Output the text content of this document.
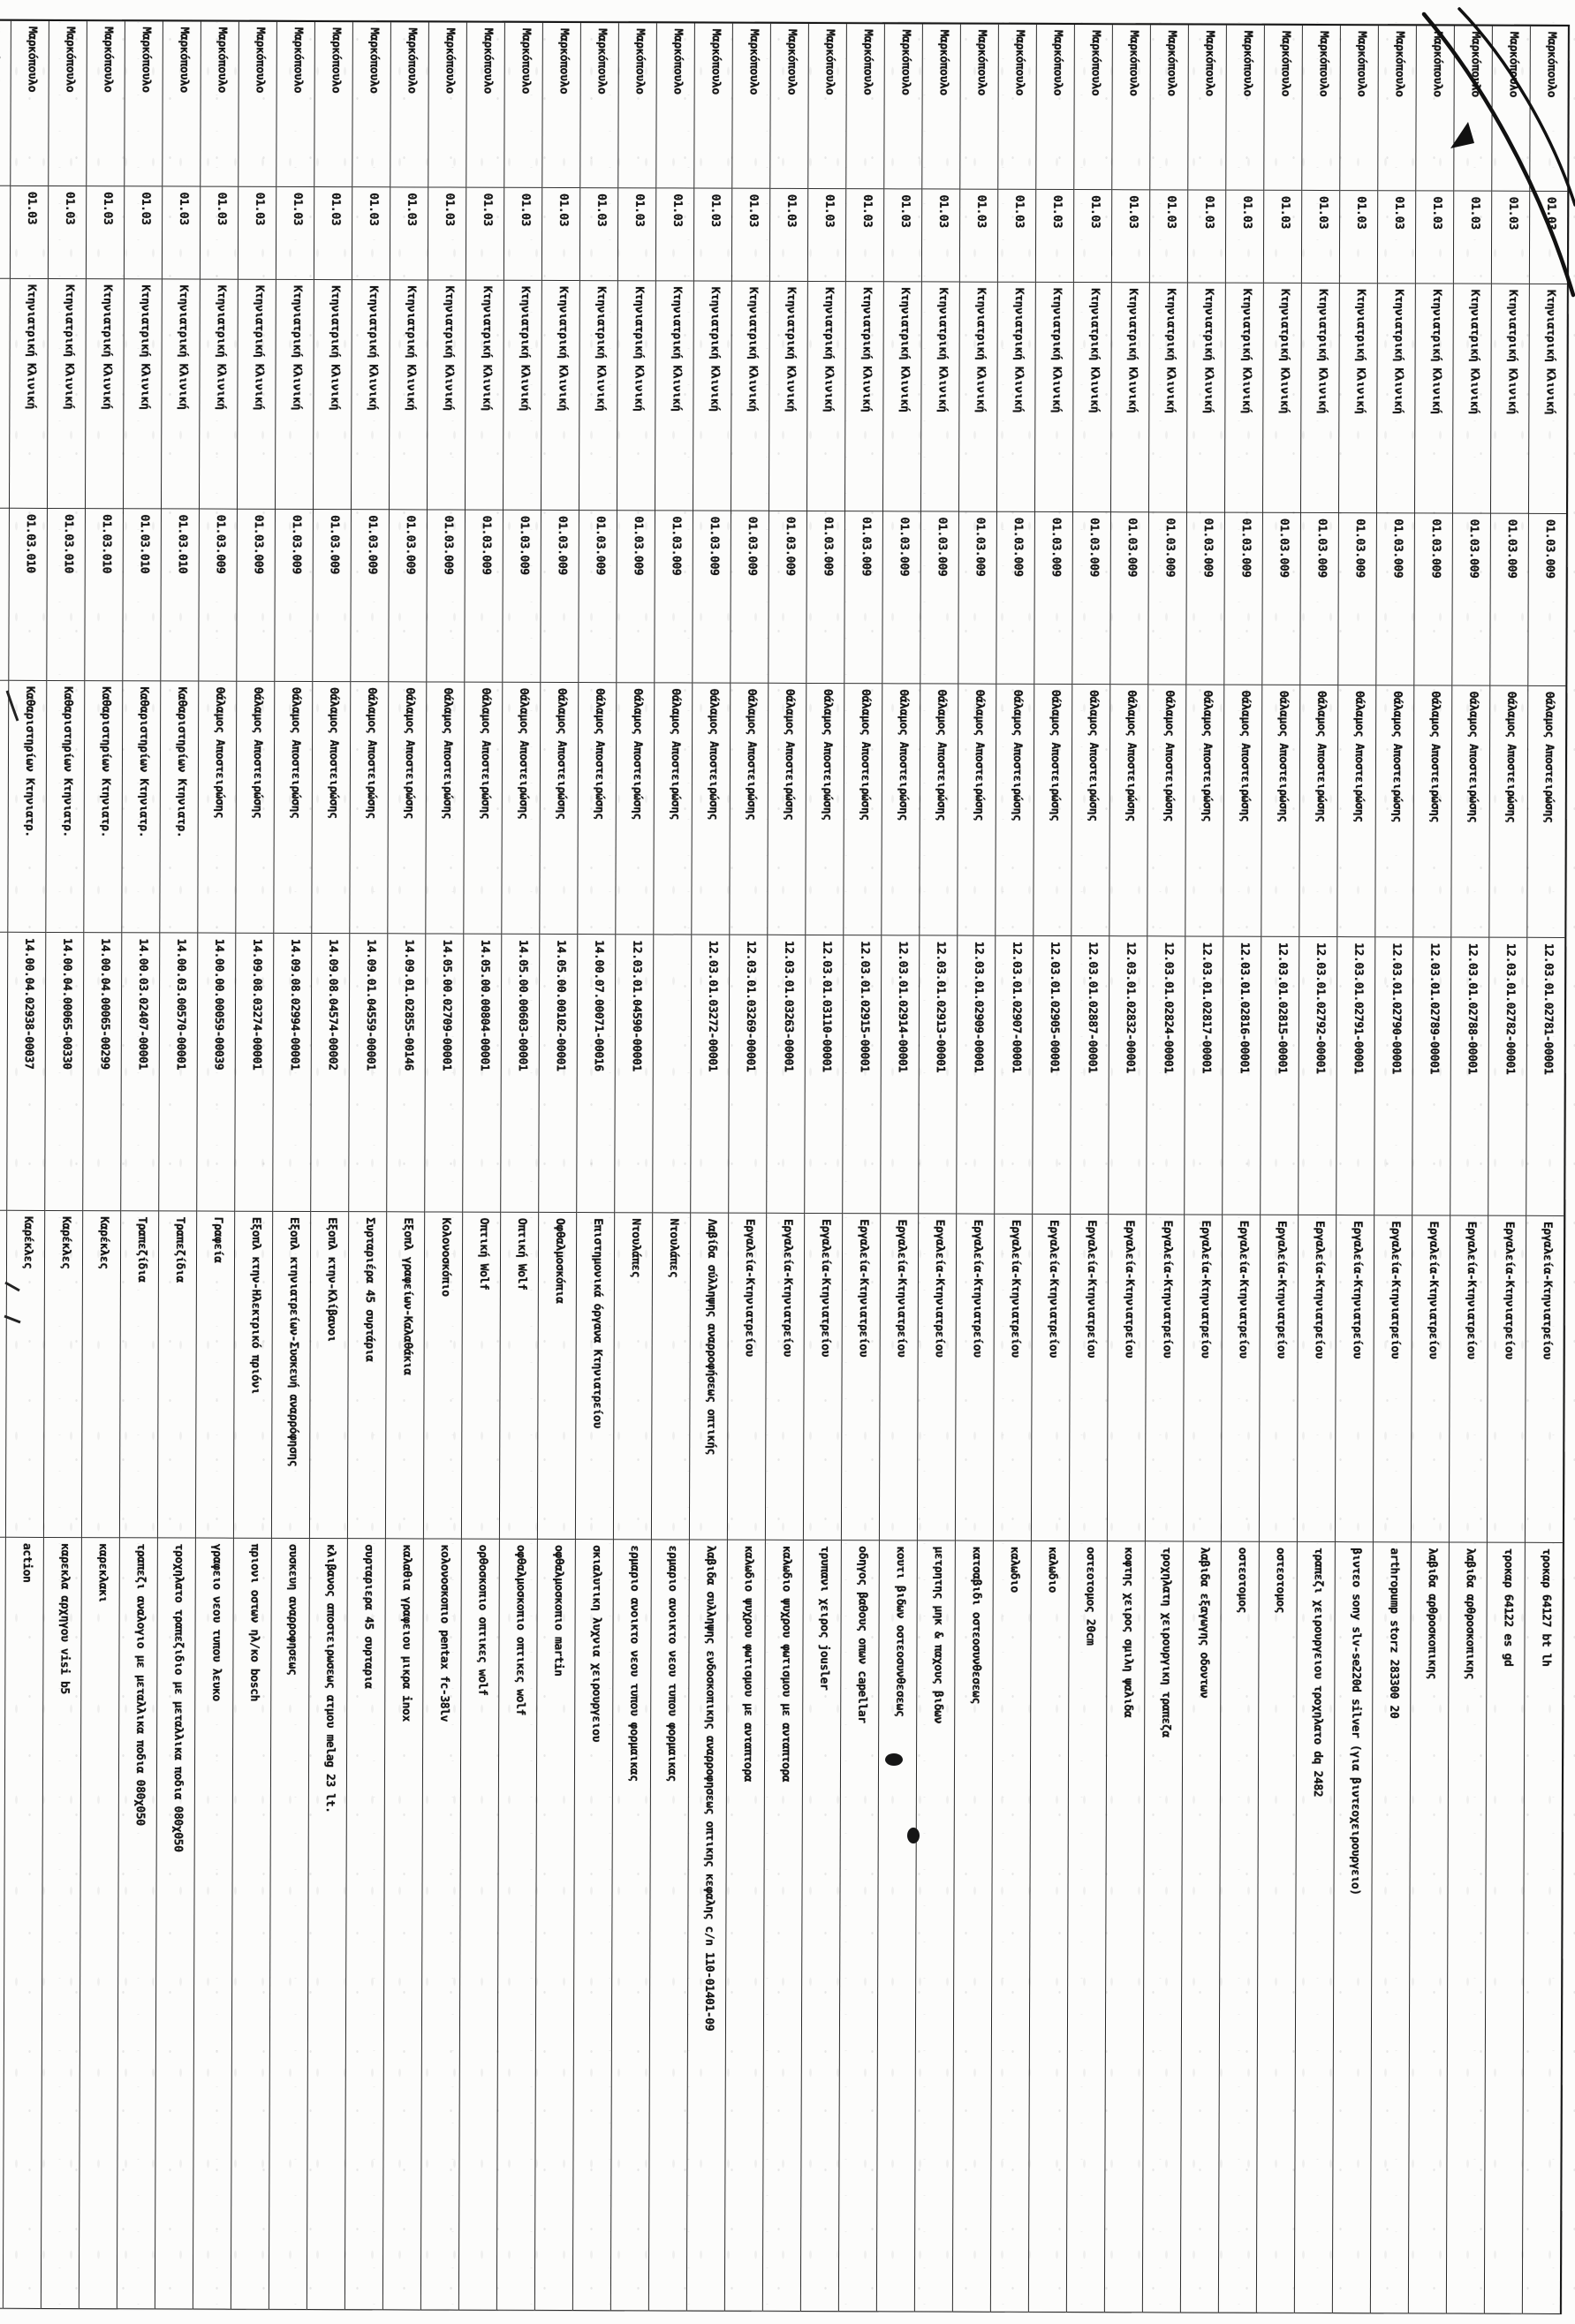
Μαρκόπουλο
01.03
Κτηνιατρική Κλινική
01.03.009
Θάλαμος Αποστειρώσης
12.03.01.02781-00001
Εργαλεία-Κτηνιατρείου
τροκαρ 64127 bt lh
Μαρκόπουλο
01.03
Κτηνιατρική Κλινική
01.03.009
Θάλαμος Αποστειρώσης
12.03.01.02782-00001
Εργαλεία-Κτηνιατρείου
τροκαρ 64122 es gd
Μαρκόπουλο
01.03
Κτηνιατρική Κλινική
01.03.009
Θάλαμος Αποστειρώσης
12.03.01.02788-00001
Εργαλεία-Κτηνιατρείου
λαβιδα αρθροσκοπικης
Μαρκόπουλο
01.03
Κτηνιατρική Κλινική
01.03.009
Θάλαμος Αποστειρώσης
12.03.01.02789-00001
Εργαλεία-Κτηνιατρείου
λαβιδα αρθροσκοπικης
Μαρκόπουλο
01.03
Κτηνιατρική Κλινική
01.03.009
Θάλαμος Αποστειρώσης
12.03.01.02790-00001
Εργαλεία-Κτηνιατρείου
arthropump storz 283300 20
Μαρκόπουλο
01.03
Κτηνιατρική Κλινική
01.03.009
Θάλαμος Αποστειρώσης
12.03.01.02791-00001
Εργαλεία-Κτηνιατρείου
βιντεο sony slv-se220d silver (για βιντεοχειρουργειο)
Μαρκόπουλο
01.03
Κτηνιατρική Κλινική
01.03.009
Θάλαμος Αποστειρώσης
12.03.01.02792-00001
Εργαλεία-Κτηνιατρείου
τραπεζι χειρουργειου τροχηλατο dq 2482
Μαρκόπουλο
01.03
Κτηνιατρική Κλινική
01.03.009
Θάλαμος Αποστειρώσης
12.03.01.02815-00001
Εργαλεία-Κτηνιατρείου
οστεοτομος
Μαρκόπουλο
01.03
Κτηνιατρική Κλινική
01.03.009
Θάλαμος Αποστειρώσης
12.03.01.02816-00001
Εργαλεία-Κτηνιατρείου
οστεοτομος
Μαρκόπουλο
01.03
Κτηνιατρική Κλινική
01.03.009
Θάλαμος Αποστειρώσης
12.03.01.02817-00001
Εργαλεία-Κτηνιατρείου
λαβιδα εξαγωγης οδοντων
Μαρκόπουλο
01.03
Κτηνιατρική Κλινική
01.03.009
Θάλαμος Αποστειρώσης
12.03.01.02824-00001
Εργαλεία-Κτηνιατρείου
τροχηλατη χειρουργικη τραπεζα
Μαρκόπουλο
01.03
Κτηνιατρική Κλινική
01.03.009
Θάλαμος Αποστειρώσης
12.03.01.02832-00001
Εργαλεία-Κτηνιατρείου
κοφτης χειρος σμιλη ψαλιδα
Μαρκόπουλο
01.03
Κτηνιατρική Κλινική
01.03.009
Θάλαμος Αποστειρώσης
12.03.01.02887-00001
Εργαλεία-Κτηνιατρείου
οστεοτομος 20cm
Μαρκόπουλο
01.03
Κτηνιατρική Κλινική
01.03.009
Θάλαμος Αποστειρώσης
12.03.01.02905-00001
Εργαλεία-Κτηνιατρείου
καλωδιο
Μαρκόπουλο
01.03
Κτηνιατρική Κλινική
01.03.009
Θάλαμος Αποστειρώσης
12.03.01.02907-00001
Εργαλεία-Κτηνιατρείου
καλωδιο
Μαρκόπουλο
01.03
Κτηνιατρική Κλινική
01.03.009
Θάλαμος Αποστειρώσης
12.03.01.02909-00001
Εργαλεία-Κτηνιατρείου
κατσαβιδι οστεοσυνθεσεως
Μαρκόπουλο
01.03
Κτηνιατρική Κλινική
01.03.009
Θάλαμος Αποστειρώσης
12.03.01.02913-00001
Εργαλεία-Κτηνιατρείου
μετρητης μηκ & παχους βιδων
Μαρκόπουλο
01.03
Κτηνιατρική Κλινική
01.03.009
Θάλαμος Αποστειρώσης
12.03.01.02914-00001
Εργαλεία-Κτηνιατρείου
κουτι βιδων οστεοσυνθεσεως
Μαρκόπουλο
01.03
Κτηνιατρική Κλινική
01.03.009
Θάλαμος Αποστειρώσης
12.03.01.02915-00001
Εργαλεία-Κτηνιατρείου
οδηγος βαθους οπων capellar
Μαρκόπουλο
01.03
Κτηνιατρική Κλινική
01.03.009
Θάλαμος Αποστειρώσης
12.03.01.03110-00001
Εργαλεία-Κτηνιατρείου
τρυπανι χειρος jousler
Μαρκόπουλο
01.03
Κτηνιατρική Κλινική
01.03.009
Θάλαμος Αποστειρώσης
12.03.01.03263-00001
Εργαλεία-Κτηνιατρείου
καλωδιο ψυχρου φωτισμου με ανταπτορα
Μαρκόπουλο
01.03
Κτηνιατρική Κλινική
01.03.009
Θάλαμος Αποστειρώσης
12.03.01.03269-00001
Εργαλεία-Κτηνιατρείου
καλωδιο ψυχρου φωτισμου με ανταπτορα
Μαρκόπουλο
01.03
Κτηνιατρική Κλινική
01.03.009
Θάλαμος Αποστειρώσης
12.03.01.03272-00001
Λαβίδα σύλληψης αναρροφήσεως οπτικής
λαβιδα συλληψης ενδοσκοπικης αναρροφησεως οπτικης κεφαλης c/n 110-01401-09
Μαρκόπουλο
01.03
Κτηνιατρική Κλινική
01.03.009
Θάλαμος Αποστειρώσης
Ντουλάπες
ερμαριο ανοικτο νεου τυπου φορμαικας
Μαρκόπουλο
01.03
Κτηνιατρική Κλινική
01.03.009
Θάλαμος Αποστειρώσης
12.03.01.04590-00001
Ντουλάπες
ερμαριο ανοικτο νεου τυπου φορμαικας
Μαρκόπουλο
01.03
Κτηνιατρική Κλινική
01.03.009
Θάλαμος Αποστειρώσης
14.00.07.00071-00016
Επιστημονικά όργανα Κτηνιατρείου
σκιαλυτικη λυχνια χειρουργειου
Μαρκόπουλο
01.03
Κτηνιατρική Κλινική
01.03.009
Θάλαμος Αποστειρώσης
14.05.00.00102-00001
Οφθαλμοσκόπια
οφθαλμοσκοπιο martin
Μαρκόπουλο
01.03
Κτηνιατρική Κλινική
01.03.009
Θάλαμος Αποστειρώσης
14.05.00.00603-00001
Οπτική Wolf
οφθαλμοσκοπιο οπτικες wolf
Μαρκόπουλο
01.03
Κτηνιατρική Κλινική
01.03.009
Θάλαμος Αποστειρώσης
14.05.00.00804-00001
Οπτική Wolf
ορθοσκοπιο οπτικες wolf
Μαρκόπουλο
01.03
Κτηνιατρική Κλινική
01.03.009
Θάλαμος Αποστειρώσης
14.05.00.02709-00001
Κολονοσκόπιο
κολονοσκοπιο pentax fc-38lv
Μαρκόπουλο
01.03
Κτηνιατρική Κλινική
01.03.009
Θάλαμος Αποστειρώσης
14.09.01.02855-00146
Εξοπλ γραφείων-Καλαθάκια
καλαθια γραφειου μικρα inox
Μαρκόπουλο
01.03
Κτηνιατρική Κλινική
01.03.009
Θάλαμος Αποστειρώσης
14.09.01.04559-00001
Συρταριέρα 45 συρτάρια
συρταριερα 45 συρταρια
Μαρκόπουλο
01.03
Κτηνιατρική Κλινική
01.03.009
Θάλαμος Αποστειρώσης
14.09.08.04574-00002
Εξοπλ κτην-Κλίβανοι
κλιβανος αποστειρωσεως ατμου melag 23 lt.
Μαρκόπουλο
01.03
Κτηνιατρική Κλινική
01.03.009
Θάλαμος Αποστειρώσης
14.09.08.02994-00001
Εξοπλ κτηνιατρείων-Συσκευή αναρρόφησης
συσκευη αναρροφησεως
Μαρκόπουλο
01.03
Κτηνιατρική Κλινική
01.03.009
Θάλαμος Αποστειρώσης
14.09.08.03274-00001
Εξοπλ κτην-Ηλεκτρικό πριόνι
πριονι οστων ηλ/κο bosch
Μαρκόπουλο
01.03
Κτηνιατρική Κλινική
01.03.009
Θάλαμος Αποστειρώσης
14.00.00.00059-00039
Γραφεία
γραφειο νεου τυπου λευκο
Μαρκόπουλο
01.03
Κτηνιατρική Κλινική
01.03.010
Καθαριστηρίων Κτηνιατρ.
14.00.03.00570-00001
Τραπεζίδια
τροχηλατο τραπεζιδιο με μεταλλικα ποδια 080χ050
Μαρκόπουλο
01.03
Κτηνιατρική Κλινική
01.03.010
Καθαριστηρίων Κτηνιατρ.
14.00.03.02407-00001
Τραπεζίδια
τραπεζι αναλογιο με μεταλλικα ποδια 080χ050
Μαρκόπουλο
01.03
Κτηνιατρική Κλινική
01.03.010
Καθαριστηρίων Κτηνιατρ.
14.00.04.00065-00299
Καρέκλες
καρεκλακι
Μαρκόπουλο
01.03
Κτηνιατρική Κλινική
01.03.010
Καθαριστηρίων Κτηνιατρ.
14.00.04.00065-00330
Καρέκλες
καρεκλα αρχηγου visi b5
Μαρκόπουλο
01.03
Κτηνιατρική Κλινική
01.03.010
Καθαριστηρίων Κτηνιατρ.
14.00.04.02938-00037
Καρέκλες
action
